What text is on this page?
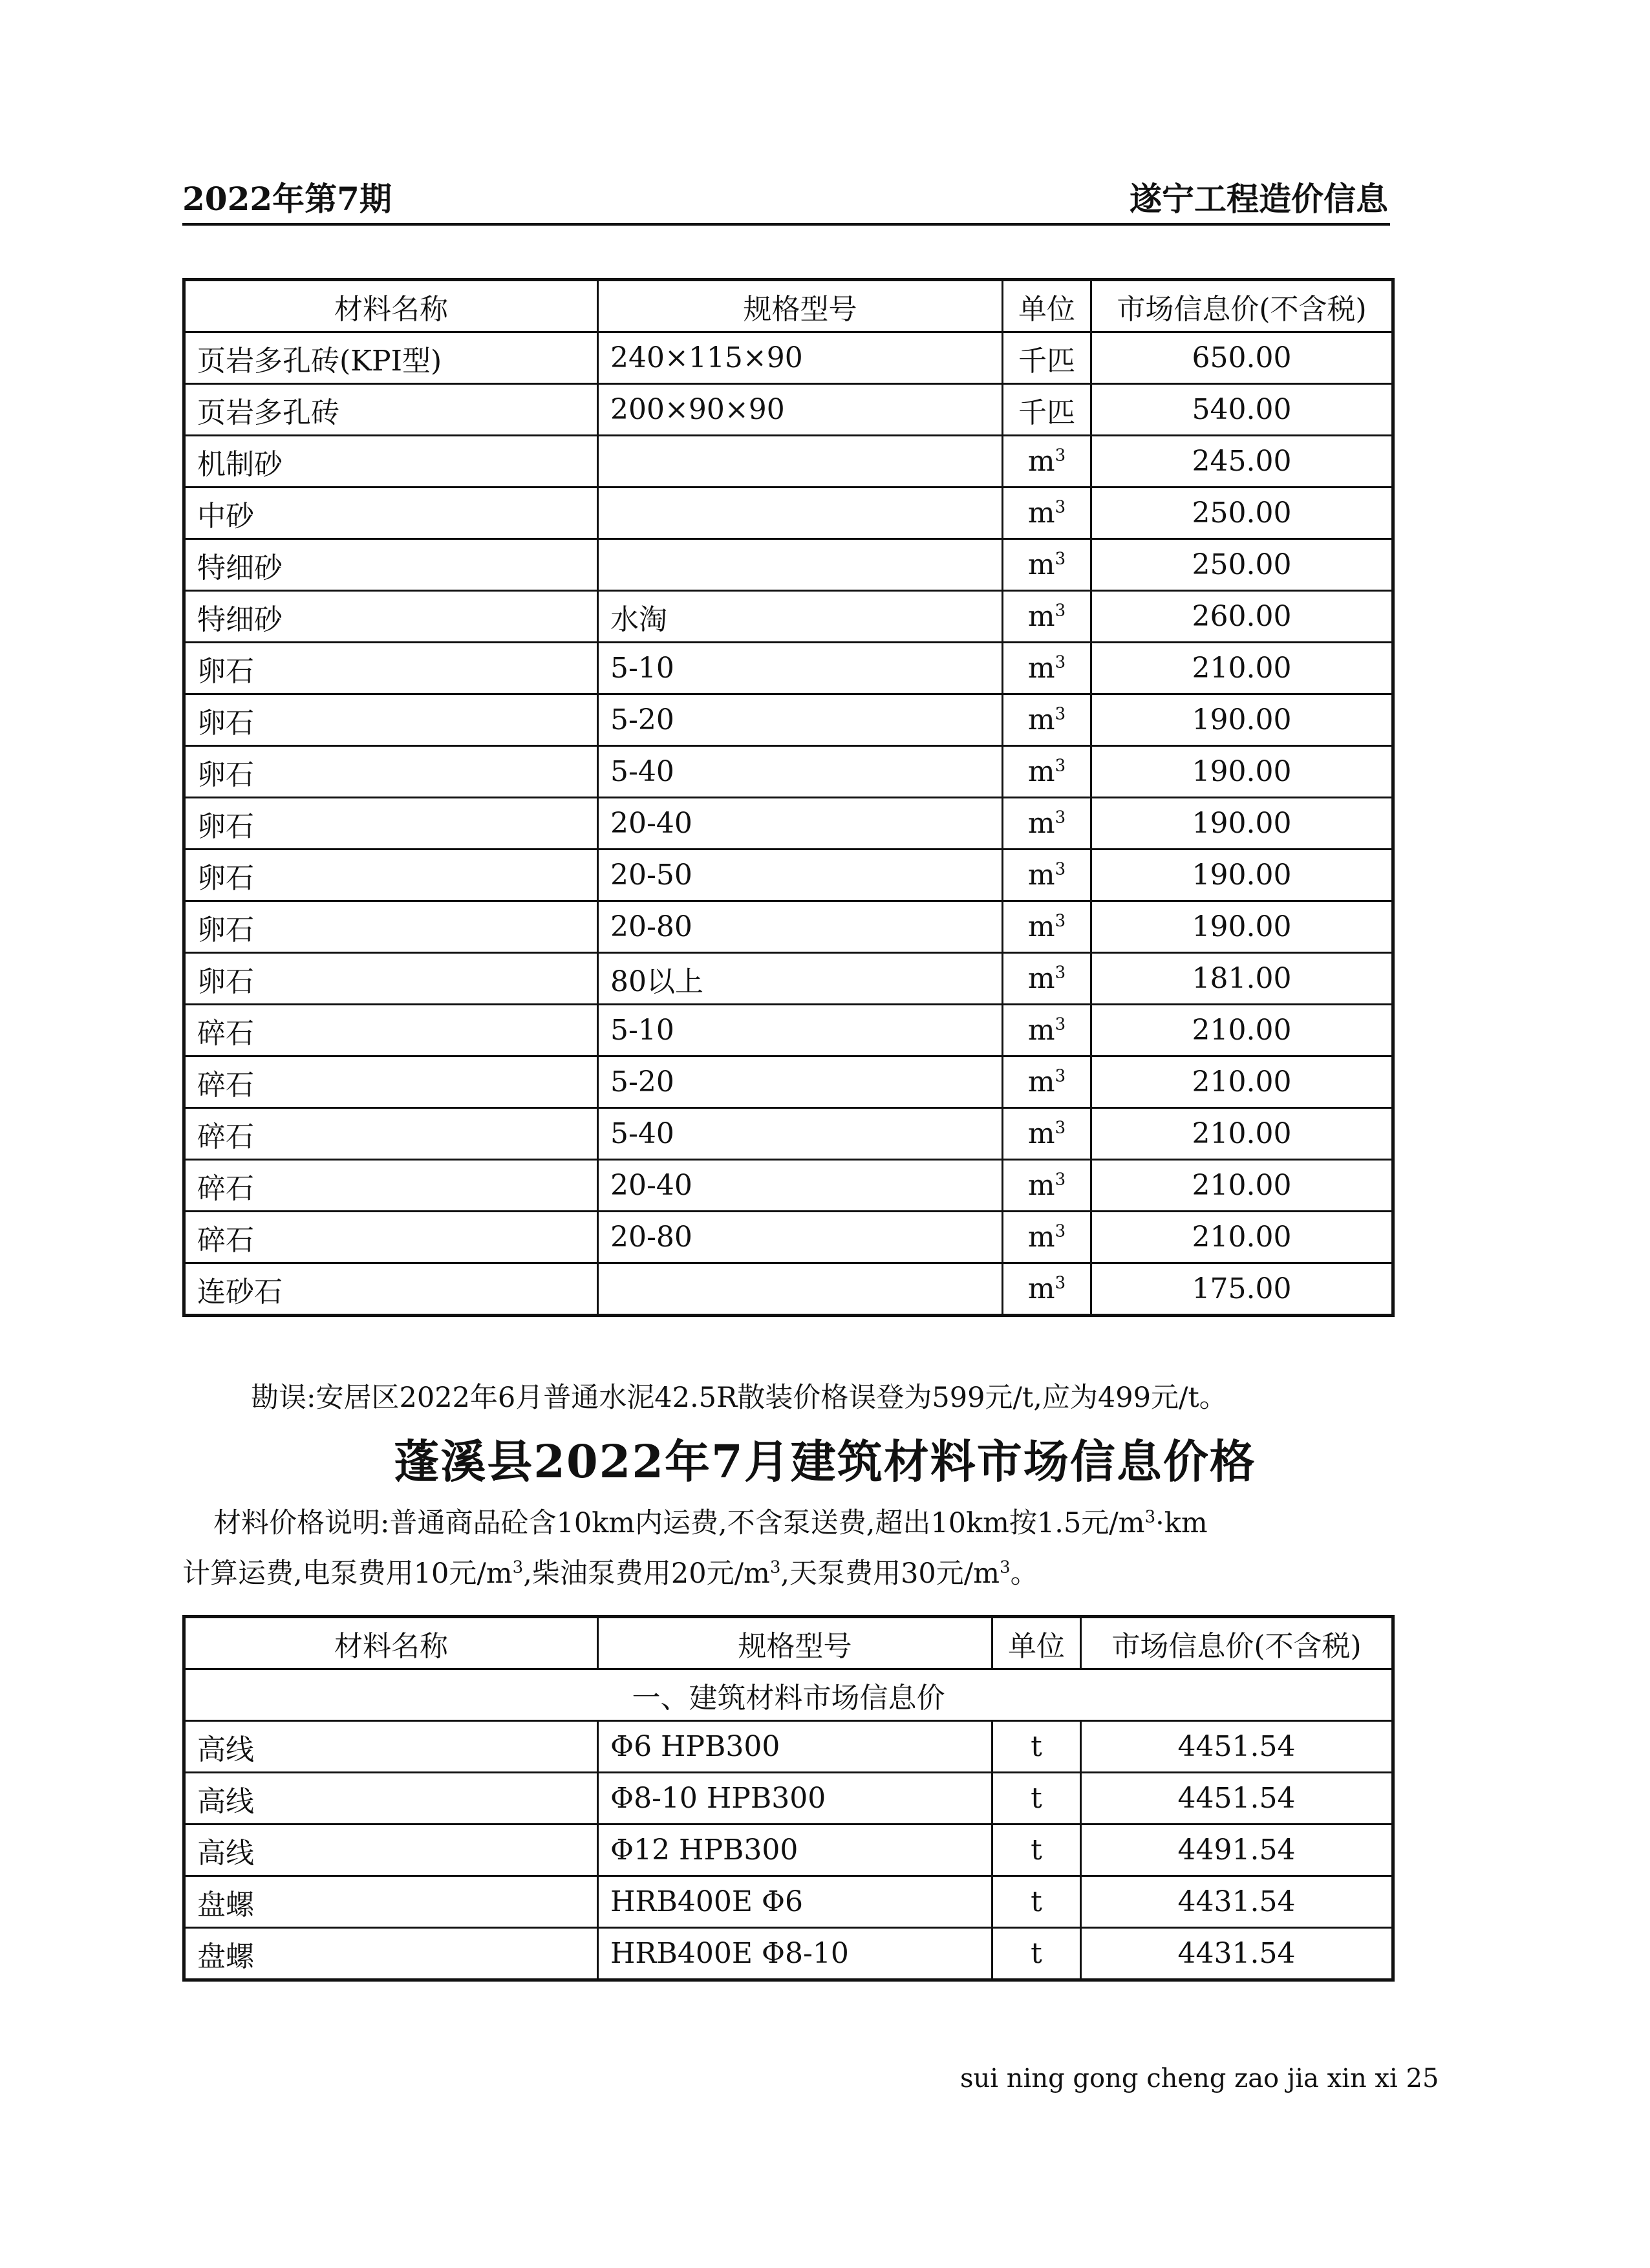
2022年第7期	遂宁工程造价信息
材料名称	规格型号	单位	市场信息价(不含税)
页岩多孔砖(KPI型)	240×115×90	千匹	650.00
页岩多孔砖	200×90×90	千匹	540.00
机制砂		$m^3$	245.00
中砂		$m^3$	250.00
特细砂		$m^3$	250.00
特细砂	水淘	$m^3$	260.00
卵石	5-10	$m^3$	210.00
卵石	5-20	$m^3$	190.00
卵石	5-40	$m^3$	190.00
卵石	20-40	$m^3$	190.00
卵石	20-50	$m^3$	190.00
卵石	20-80	$m^3$	190.00
卵石	80以上	$m^3$	181.00
碎石	5-10	$m^3$	210.00
碎石	5-20	$m^3$	210.00
碎石	5-40	$m^3$	210.00
碎石	20-40	$m^3$	210.00
碎石	20-80	$m^3$	210.00
连砂石		$m^3$	175.00
勘误:安居区2022年6月普通水泥42.5R散装价格误登为599元/t,应为499元/t。
蓬溪县2022年7月建筑材料市场信息价格
材料价格说明:普通商品砼含10km内运费,不含泵送费,超出10km按1.5元$/m^3\cdot km$
计算运费,电泵费用10元$/m^3$,柴油泵费用20元$/m^3$,天泵费用30元$/m^3$。
材料名称	规格型号	单位	市场信息价(不含税)
一、建筑材料市场信息价			
高线	Φ6 HPB300	t	4451.54
高线	Φ8-10 HPB300	t	4451.54
高线	Φ12 HPB300	t	4491.54
盘螺	HRB400E Φ6	t	4431.54
盘螺	HRB400E Φ8-10	t	4431.54
sui ning gong cheng zao jia xin xi 25
